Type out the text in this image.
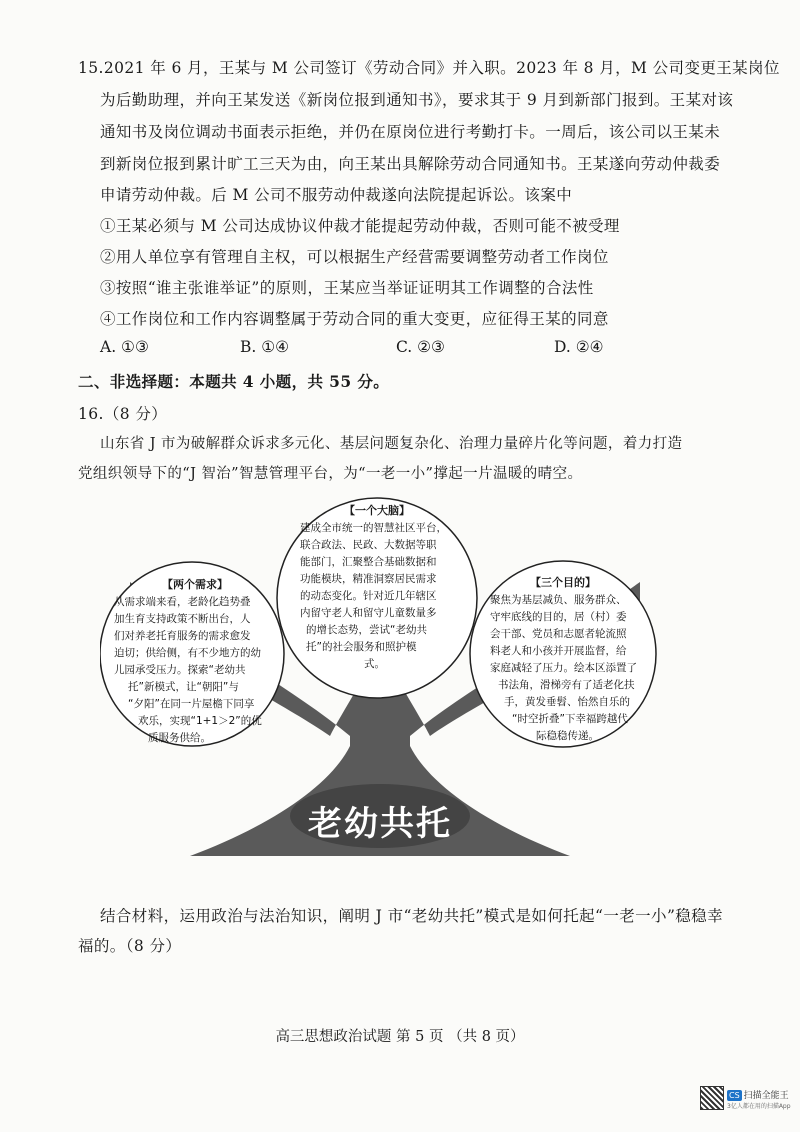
15.2021 年 6 月，王某与 M 公司签订《劳动合同》并入职。2023 年 8 月，M 公司变更王某岗位
为后勤助理，并向王某发送《新岗位报到通知书》，要求其于 9 月到新部门报到。王某对该
通知书及岗位调动书面表示拒绝，并仍在原岗位进行考勤打卡。一周后，该公司以王某未
到新岗位报到累计旷工三天为由，向王某出具解除劳动合同通知书。王某遂向劳动仲裁委
申请劳动仲裁。后 M 公司不服劳动仲裁遂向法院提起诉讼。该案中
①王某必须与 M 公司达成协议仲裁才能提起劳动仲裁，否则可能不被受理
②用人单位享有管理自主权，可以根据生产经营需要调整劳动者工作岗位
③按照“谁主张谁举证”的原则，王某应当举证证明其工作调整的合法性
④工作岗位和工作内容调整属于劳动合同的重大变更，应征得王某的同意
A. ①③	B. ①④	C. ②③	D. ②④
二、非选择题：本题共 4 小题，共 55 分。
16.（8 分）
山东省 J 市为破解群众诉求多元化、基层问题复杂化、治理力量碎片化等问题，着力打造
党组织领导下的“J 智治”智慧管理平台，为“一老一小”撑起一片温暖的晴空。
【两个需求】
从需求端来看，老龄化趋势叠
加生育支持政策不断出台，人
们对养老托育服务的需求愈发
迫切；供给侧，有不少地方的幼
儿园承受压力。探索“老幼共
托”新模式，让“朝阳”与
“夕阳”在同一片屋檐下同享
欢乐，实现“1+1＞2”的优
质服务供给。
【一个大脑】
建成全市统一的智慧社区平台，
联合政法、民政、大数据等职
能部门，汇聚整合基础数据和
功能模块，精准洞察居民需求
的动态变化。针对近几年辖区
内留守老人和留守儿童数量多
的增长态势，尝试“老幼共
托”的社会服务和照护模
式。
【三个目的】
聚焦为基层减负、服务群众、
守牢底线的目的，居（村）委
会干部、党员和志愿者轮流照
料老人和小孩并开展监督，给
家庭减轻了压力。绘本区添置了
书法角，滑梯旁有了适老化扶
手，黄发垂髫、怡然自乐的
“时空折叠”下幸福跨越代
际稳稳传递。
老幼共托
结合材料，运用政治与法治知识，阐明 J 市“老幼共托”模式是如何托起“一老一小”稳稳幸
福的。（8 分）
高三思想政治试题 第 5 页 （共 8 页）
CS 扫描全能王
3亿人都在用的扫描App
